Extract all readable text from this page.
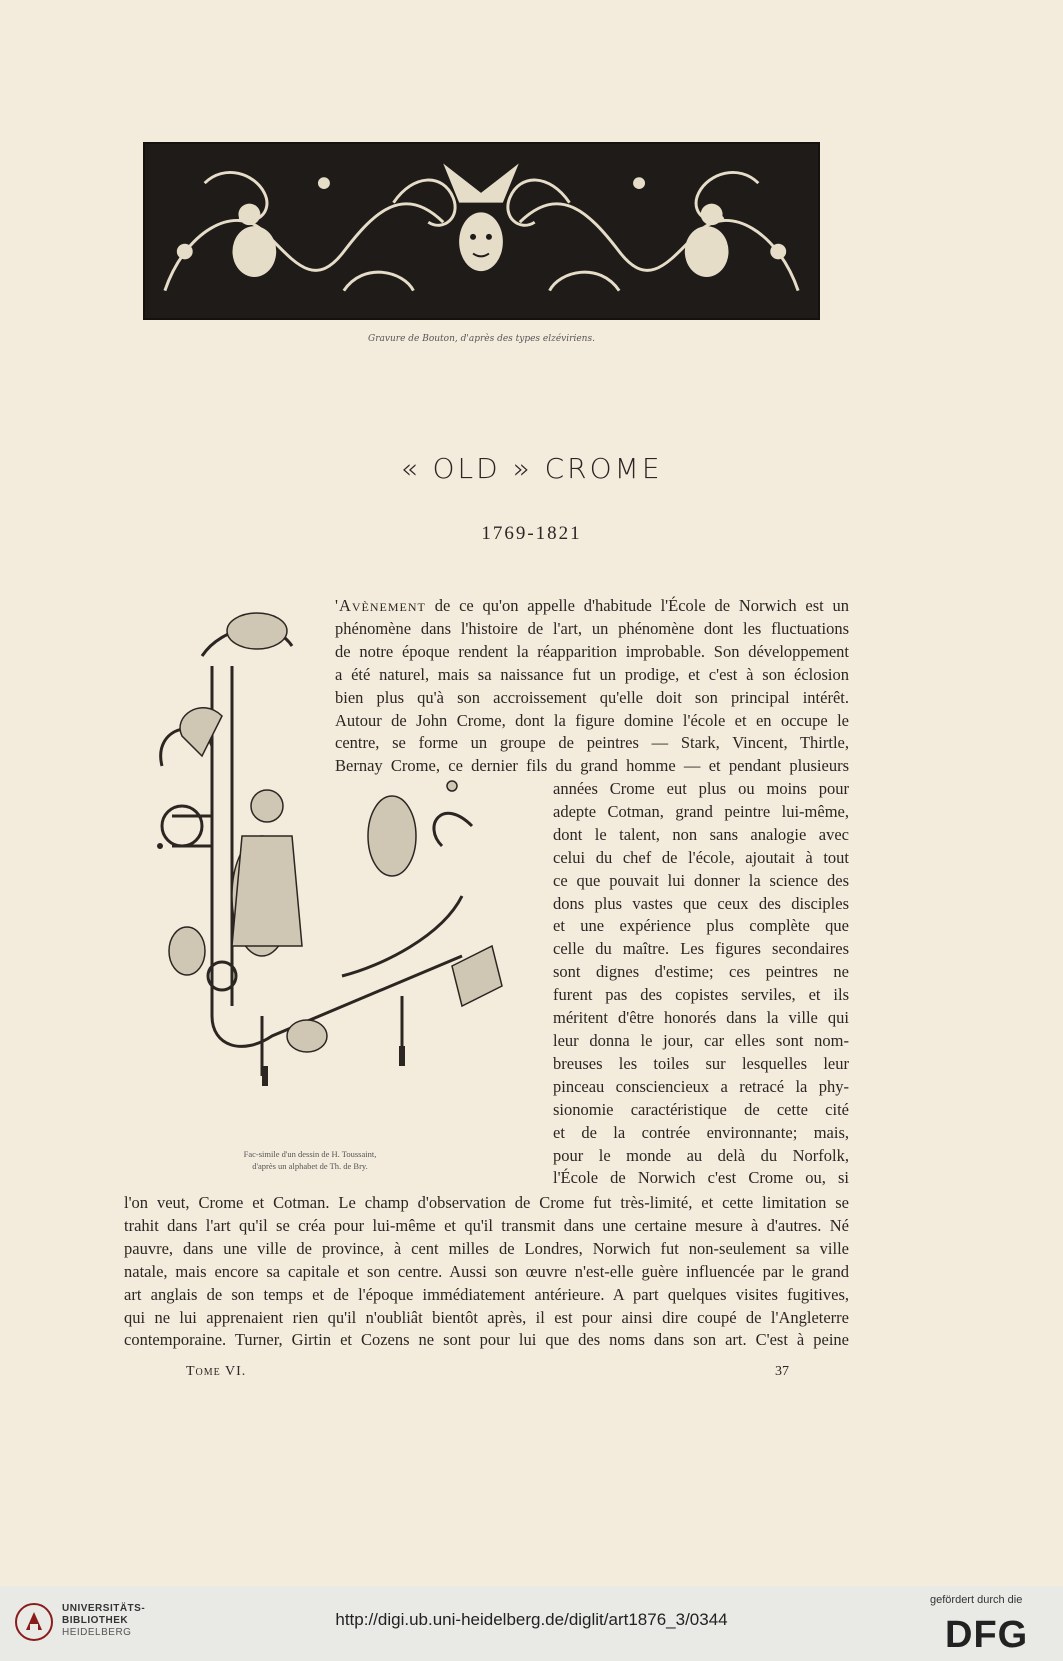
Gravure de Bouton, d'après des types elzéviriens.
« OLD » CROME
1769-1821
Fac-simile d'un dessin de H. Toussaint,
d'après un alphabet de Th. de Bry.
'Avènement de ce qu'on appelle d'habitude l'École de Norwich est un
phénomène dans l'histoire de l'art, un phénomène dont les fluctuations
de notre époque rendent la réapparition improbable. Son développement
a été naturel, mais sa naissance fut un prodige, et c'est à son éclosion
bien plus qu'à son accroissement qu'elle doit son principal intérêt.
Autour de John Crome, dont la figure domine l'école et en occupe le
centre, se forme un groupe de peintres — Stark, Vincent, Thirtle,
Bernay Crome, ce dernier fils du grand homme — et pendant plusieurs
années Crome eut plus ou moins pour
adepte Cotman, grand peintre lui-même,
dont le talent, non sans analogie avec
celui du chef de l'école, ajoutait à tout
ce que pouvait lui donner la science des
dons plus vastes que ceux des disciples
et une expérience plus complète que
celle du maître. Les figures secondaires
sont dignes d'estime; ces peintres ne
furent pas des copistes serviles, et ils
méritent d'être honorés dans la ville qui
leur donna le jour, car elles sont nom-
breuses les toiles sur lesquelles leur
pinceau consciencieux a retracé la phy-
sionomie caractéristique de cette cité
et de la contrée environnante; mais,
pour le monde au delà du Norfolk,
l'École de Norwich c'est Crome ou, si
l'on veut, Crome et Cotman. Le champ d'observation de Crome fut très-limité, et cette limitation se
trahit dans l'art qu'il se créa pour lui-même et qu'il transmit dans une certaine mesure à d'autres. Né
pauvre, dans une ville de province, à cent milles de Londres, Norwich fut non-seulement sa ville
natale, mais encore sa capitale et son centre. Aussi son œuvre n'est-elle guère influencée par le grand
art anglais de son temps et de l'époque immédiatement antérieure. A part quelques visites fugitives,
qui ne lui apprenaient rien qu'il n'oubliât bientôt après, il est pour ainsi dire coupé de l'Angleterre
contemporaine. Turner, Girtin et Cozens ne sont pour lui que des noms dans son art. C'est à peine
Tome VI.	37
UNIVERSITÄTS-
BIBLIOTHEK
HEIDELBERG
http://digi.ub.uni-heidelberg.de/diglit/art1876_3/0344
gefördert durch die
DFG
